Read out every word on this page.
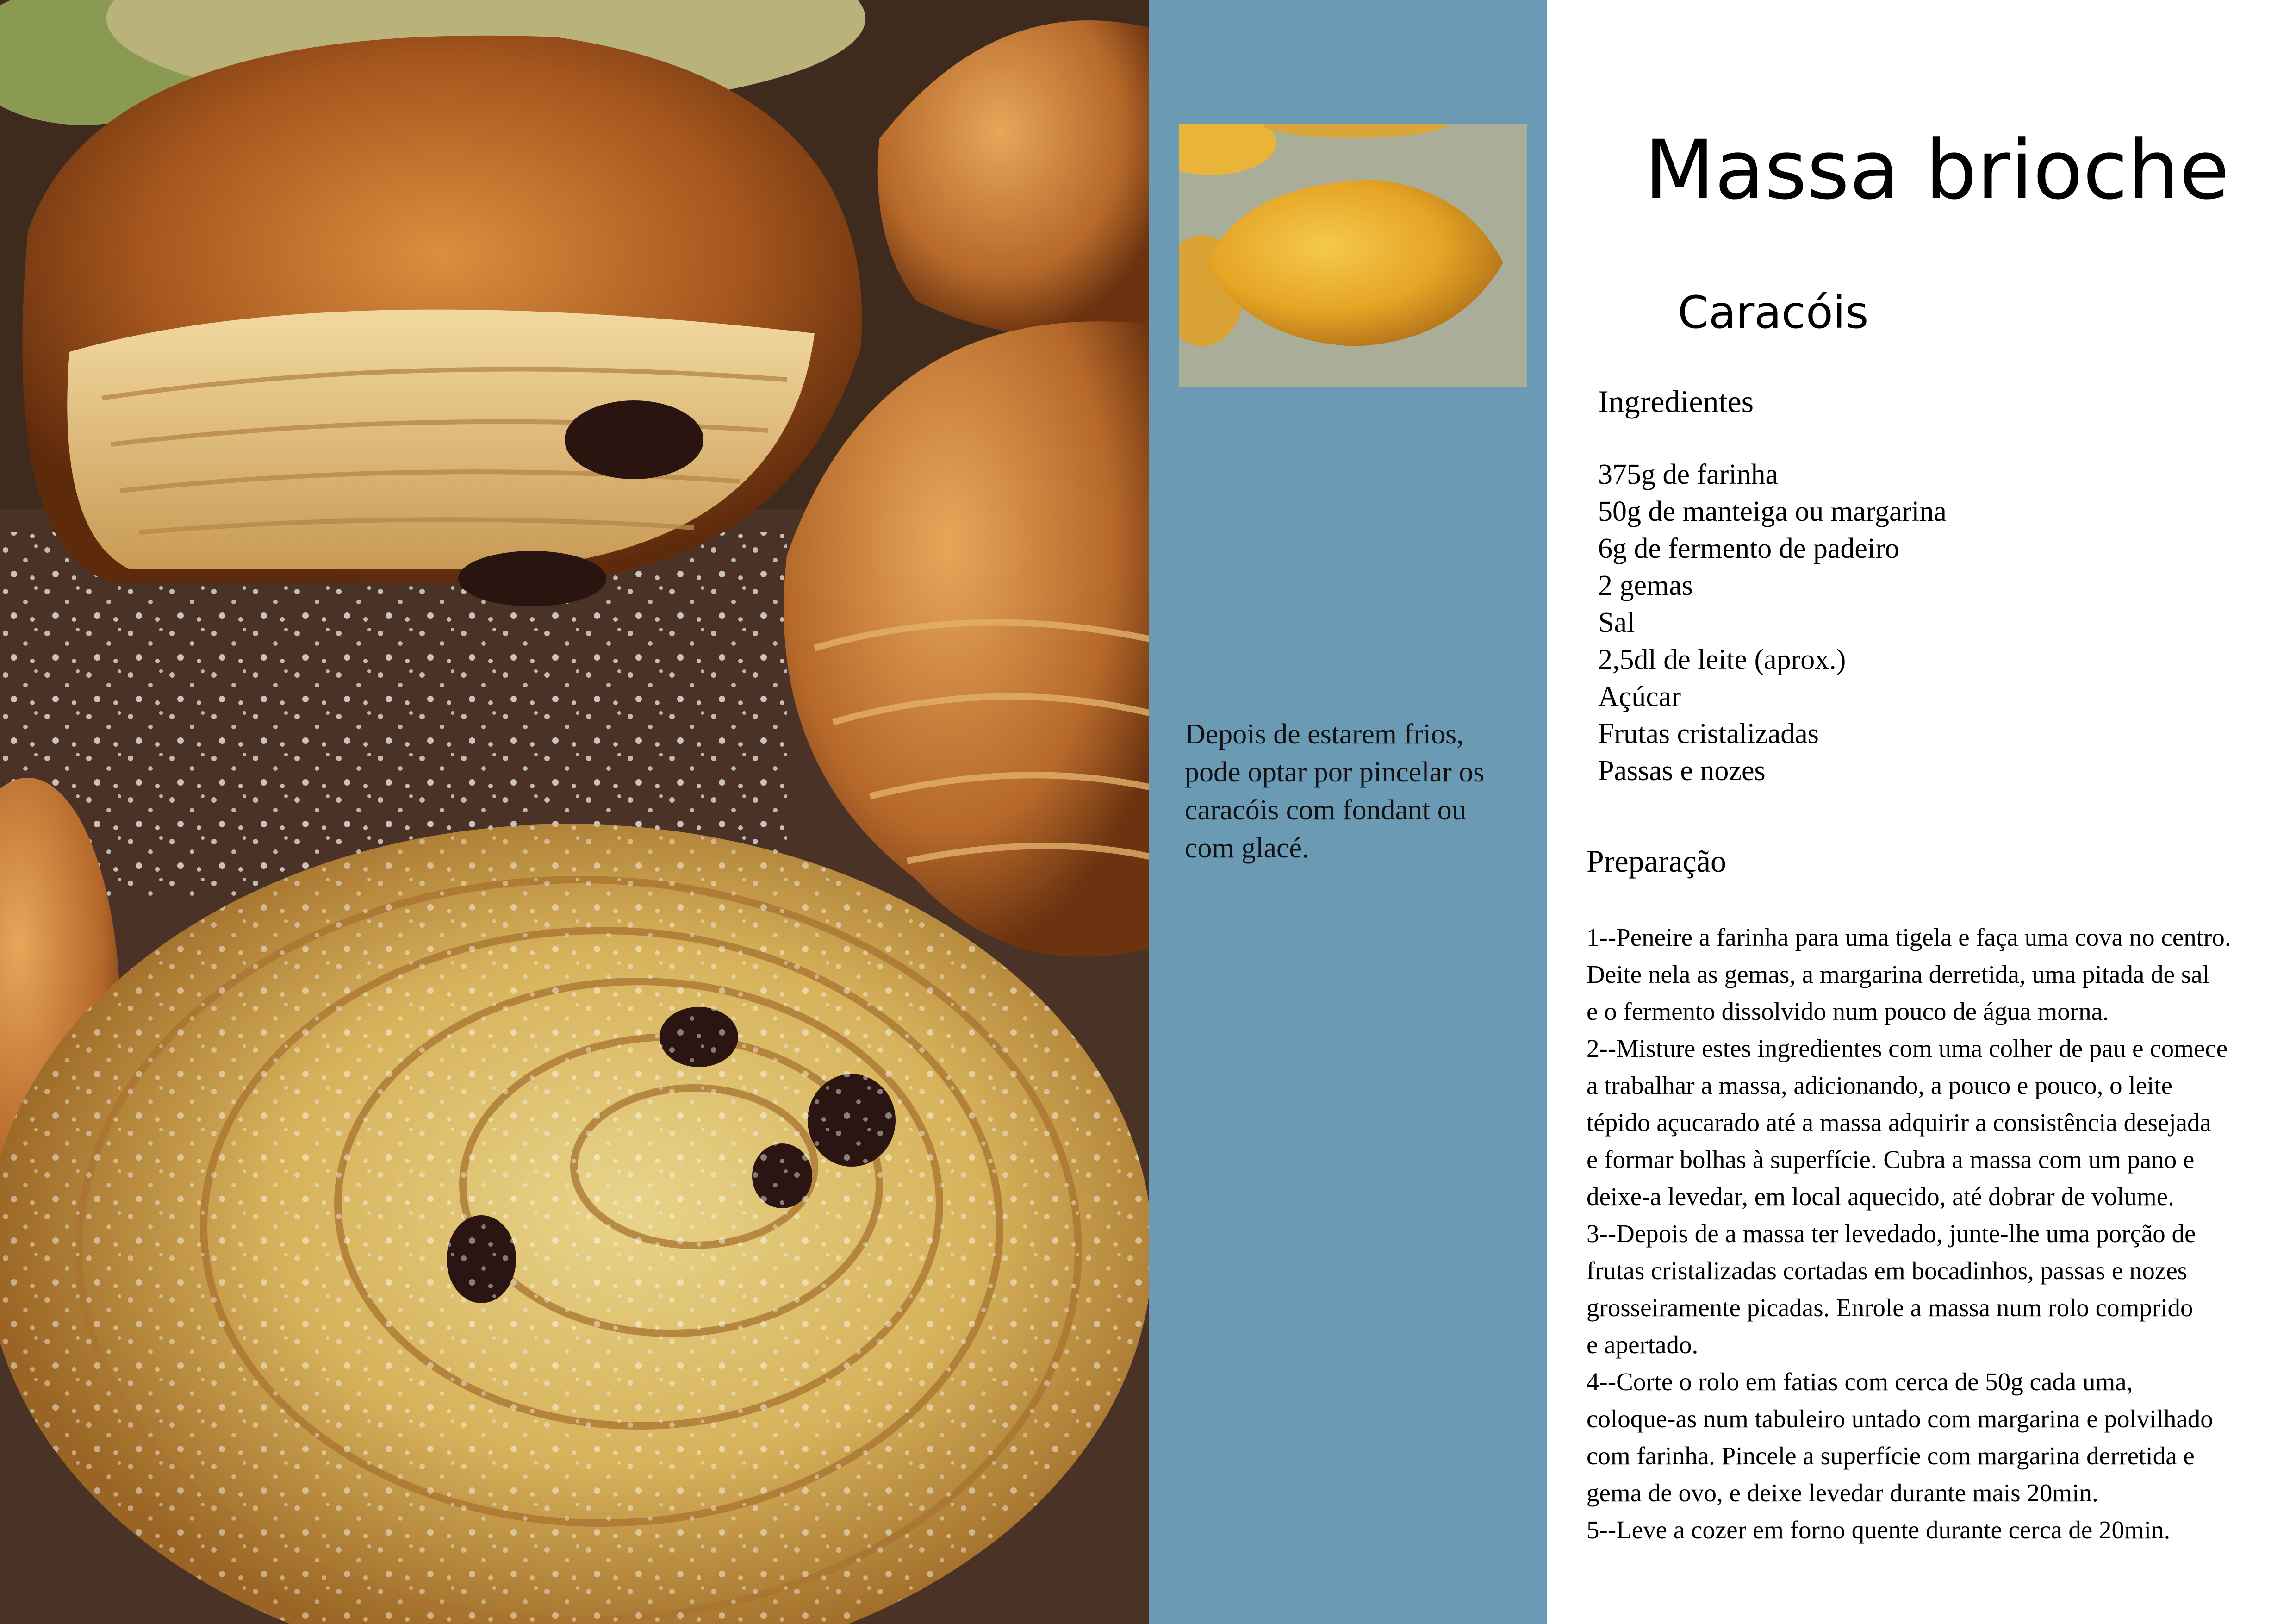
Depois de estarem frios,
pode optar por pincelar os
caracóis com fondant ou
com glacé.

Massa brioche
Caracóis
Ingredientes
375g de farinha
50g de manteiga ou margarina
6g de fermento de padeiro
2 gemas
Sal
2,5dl de leite (aprox.)
Açúcar
Frutas cristalizadas
Passas e nozes
Preparação

1--Peneire a farinha para uma tigela e faça uma cova no centro.
Deite nela as gemas, a margarina derretida, uma pitada de sal
e o fermento dissolvido num pouco de água morna.
2--Misture estes ingredientes com uma colher de pau e comece
a trabalhar a massa, adicionando, a pouco e pouco, o leite
tépido açucarado até a massa adquirir a consistência desejada
e formar bolhas à superfície. Cubra a massa com um pano e
deixe-a levedar, em local aquecido, até dobrar de volume.
3--Depois de a massa ter levedado, junte-lhe uma porção de
frutas cristalizadas cortadas em bocadinhos, passas e nozes
grosseiramente picadas. Enrole a massa num rolo comprido
e apertado.
4--Corte o rolo em fatias com cerca de 50g cada uma,
coloque-as num tabuleiro untado com margarina e polvilhado
com farinha. Pincele a superfície com margarina derretida e
gema de ovo, e deixe levedar durante mais 20min.
5--Leve a cozer em forno quente durante cerca de 20min.
